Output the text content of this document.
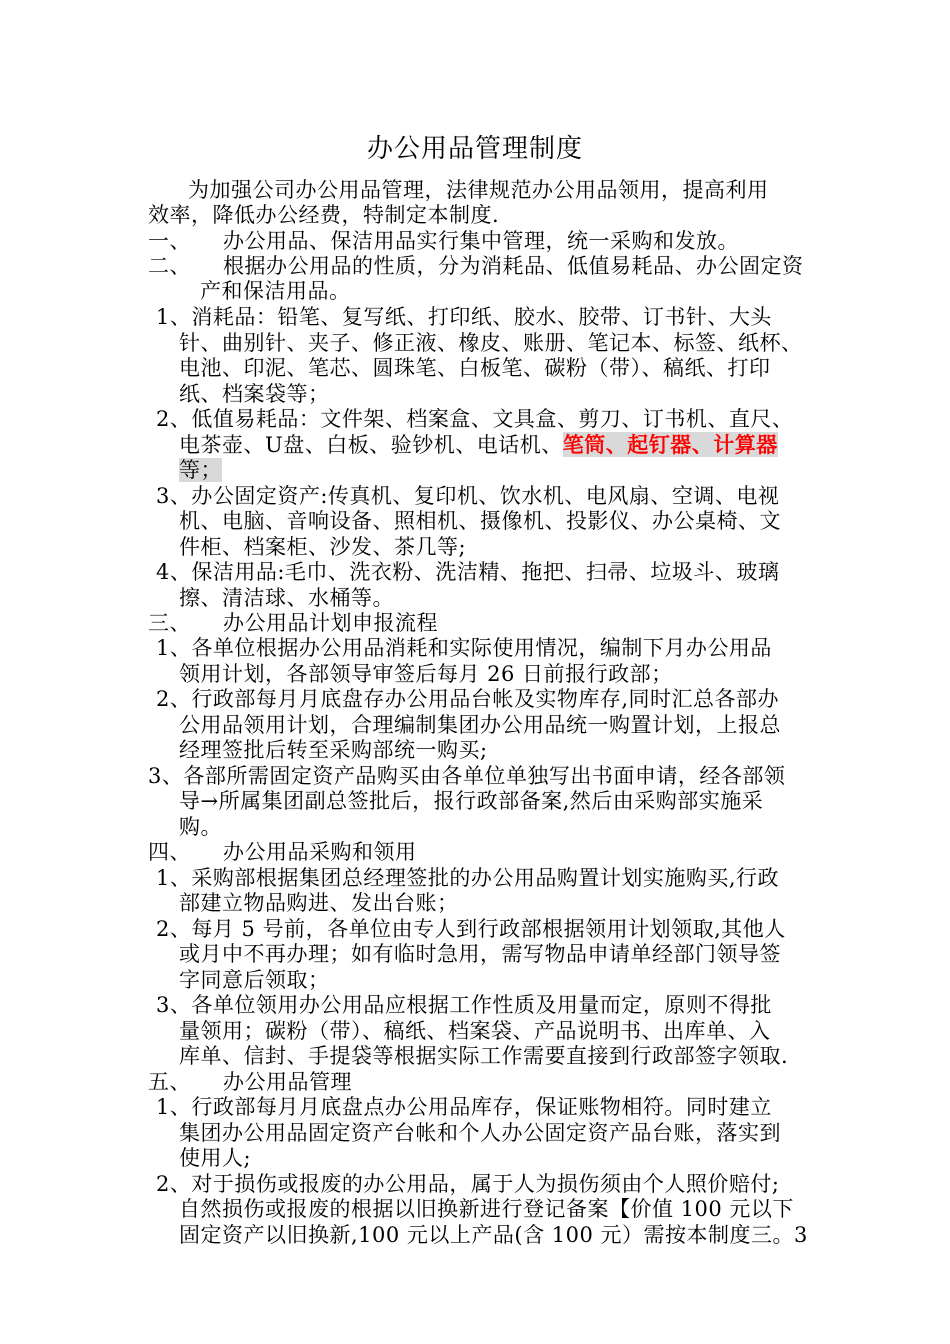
办公用品管理制度
为加强公司办公用品管理，法律规范办公用品领用，提高利用
效率，降低办公经费，特制定本制度.
一、 办公用品、保洁用品实行集中管理，统一采购和发放。
二、 根据办公用品的性质，分为消耗品、低值易耗品、办公固定资
产和保洁用品。
1、消耗品：铅笔、复写纸、打印纸、胶水、胶带、订书针、大头
针、曲别针、夹子、修正液、橡皮、账册、笔记本、标签、纸杯、
电池、印泥、笔芯、圆珠笔、白板笔、碳粉（带）、稿纸、打印
纸、档案袋等；
2、低值易耗品：文件架、档案盒、文具盒、剪刀、订书机、直尺、
电茶壶、U盘、白板、验钞机、电话机、笔筒、起钉器、计算器
等；
3、办公固定资产:传真机、复印机、饮水机、电风扇、空调、电视
机、电脑、音响设备、照相机、摄像机、投影仪、办公桌椅、文
件柜、档案柜、沙发、茶几等;
4、保洁用品:毛巾、洗衣粉、洗洁精、拖把、扫帚、垃圾斗、玻璃
擦、清洁球、水桶等。
三、 办公用品计划申报流程
1、各单位根据办公用品消耗和实际使用情况，编制下月办公用品
领用计划，各部领导审签后每月 26 日前报行政部；
2、行政部每月月底盘存办公用品台帐及实物库存,同时汇总各部办
公用品领用计划，合理编制集团办公用品统一购置计划，上报总
经理签批后转至采购部统一购买;
3、各部所需固定资产品购买由各单位单独写出书面申请，经各部领
导→所属集团副总签批后，报行政部备案,然后由采购部实施采
购。
四、 办公用品采购和领用
1、采购部根据集团总经理签批的办公用品购置计划实施购买,行政
部建立物品购进、发出台账；
2、每月 5 号前，各单位由专人到行政部根据领用计划领取,其他人
或月中不再办理；如有临时急用，需写物品申请单经部门领导签
字同意后领取；
3、各单位领用办公用品应根据工作性质及用量而定，原则不得批
量领用；碳粉（带）、稿纸、档案袋、产品说明书、出库单、入
库单、信封、手提袋等根据实际工作需要直接到行政部签字领取.
五、 办公用品管理
1、行政部每月月底盘点办公用品库存，保证账物相符。同时建立
集团办公用品固定资产台帐和个人办公固定资产品台账，落实到
使用人;
2、对于损伤或报废的办公用品，属于人为损伤须由个人照价赔付;
自然损伤或报废的根据以旧换新进行登记备案【价值 100 元以下
固定资产以旧换新,100 元以上产品(含 100 元）需按本制度三。3
